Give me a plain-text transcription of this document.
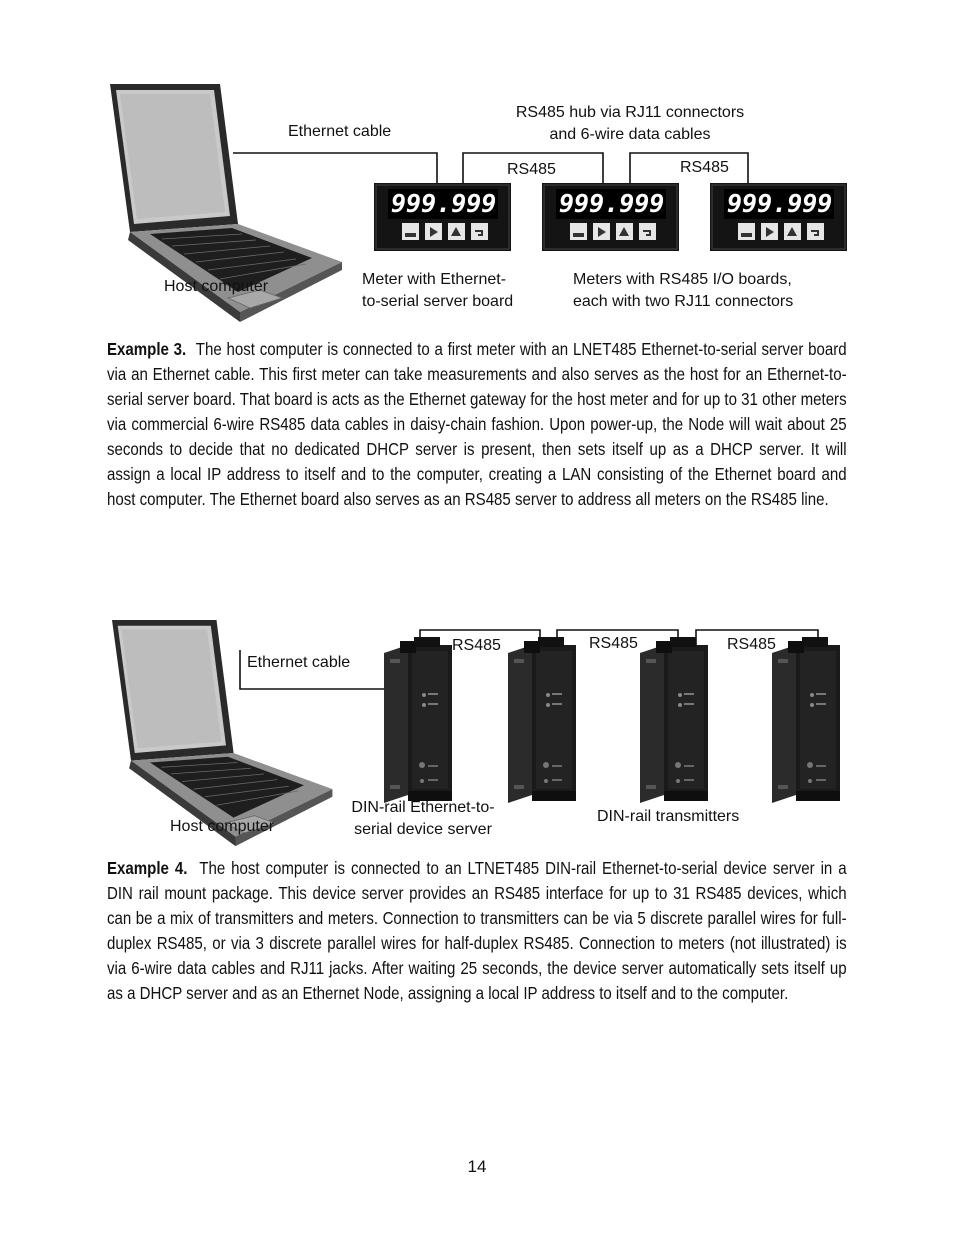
999.999	999.999	999.999
Ethernet cable
RS485 hub via RJ11 connectors
and 6-wire data cables
RS485	RS485
Host computer	Meter with Ethernet-
to-serial server board
Meters with RS485 I/O boards,
each with two RJ11 connectors
Example 3. The host computer is connected to a first meter with an LNET485 Ethernet-to-serial server board via an Ethernet cable. This first meter can take measurements and also serves as the host for an Ethernet-to-serial server board. That board is acts as the Ethernet gateway for the host meter and for up to 31 other meters via commercial 6-wire RS485 data cables in daisy-chain fashion. Upon power-up, the Node will wait about 25 seconds to decide that no dedicated DHCP server is present, then sets itself up as a DHCP server. It will assign a local IP address to itself and to the computer, creating a LAN consisting of the Ethernet board and host computer. The Ethernet board also serves as an RS485 server to address all meters on the RS485 line.
RS485	RS485	RS485
Ethernet cable
Host computer
DIN-rail Ethernet-to-
serial device server
DIN-rail transmitters
Example 4. The host computer is connected to an LTNET485 DIN-rail Ethernet-to-serial device server in a DIN rail mount package. This device server provides an RS485 interface for up to 31 RS485 devices, which can be a mix of transmitters and meters. Connection to transmitters can be via 5 discrete parallel wires for full-duplex RS485, or via 3 discrete parallel wires for half-duplex RS485. Connection to meters (not illustrated) is via 6-wire data cables and RJ11 jacks. After waiting 25 seconds, the device server automatically sets itself up as a DHCP server and as an Ethernet Node, assigning a local IP address to itself and to the computer.
14
